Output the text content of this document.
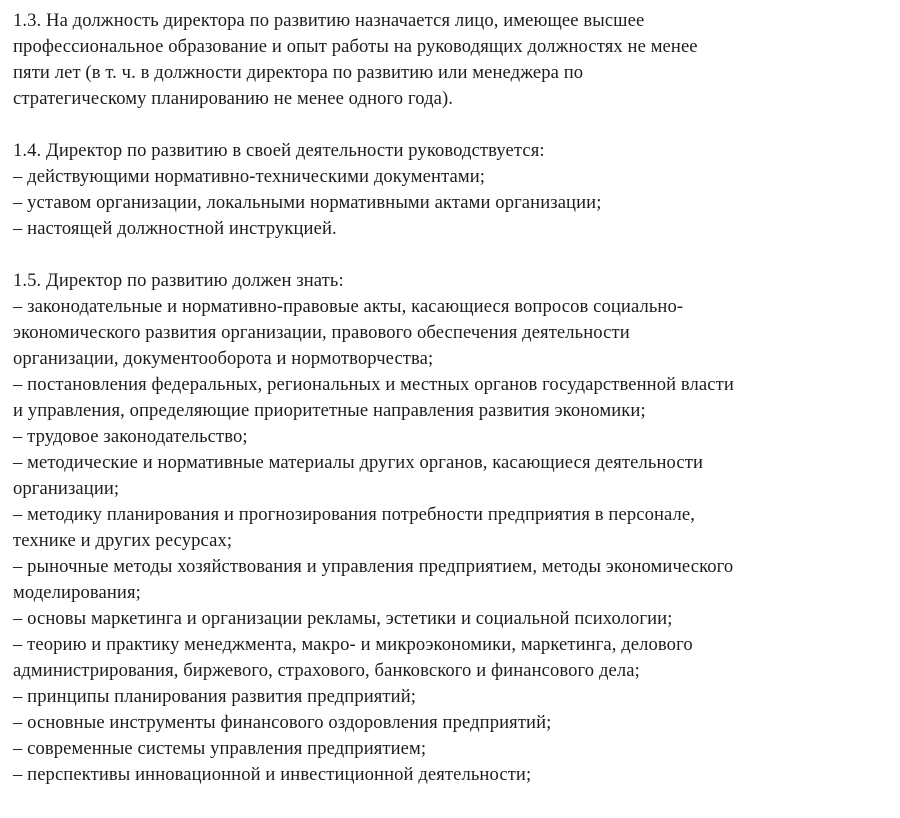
1.3. На должность директора по развитию назначается лицо, имеющее высшее
профессиональное образование и опыт работы на руководящих должностях не менее
пяти лет (в т. ч. в должности директора по развитию или менеджера по
стратегическому планированию не менее одного года).
1.4. Директор по развитию в своей деятельности руководствуется:
– действующими нормативно-техническими документами;
– уставом организации, локальными нормативными актами организации;
– настоящей должностной инструкцией.
1.5. Директор по развитию должен знать:
– законодательные и нормативно-правовые акты, касающиеся вопросов социально-
экономического развития организации, правового обеспечения деятельности
организации, документооборота и нормотворчества;
– постановления федеральных, региональных и местных органов государственной власти
и управления, определяющие приоритетные направления развития экономики;
– трудовое законодательство;
– методические и нормативные материалы других органов, касающиеся деятельности
организации;
– методику планирования и прогнозирования потребности предприятия в персонале,
технике и других ресурсах;
– рыночные методы хозяйствования и управления предприятием, методы экономического
моделирования;
– основы маркетинга и организации рекламы, эстетики и социальной психологии;
– теорию и практику менеджмента, макро- и микроэкономики, маркетинга, делового
администрирования, биржевого, страхового, банковского и финансового дела;
– принципы планирования развития предприятий;
– основные инструменты финансового оздоровления предприятий;
– современные системы управления предприятием;
– перспективы инновационной и инвестиционной деятельности;
